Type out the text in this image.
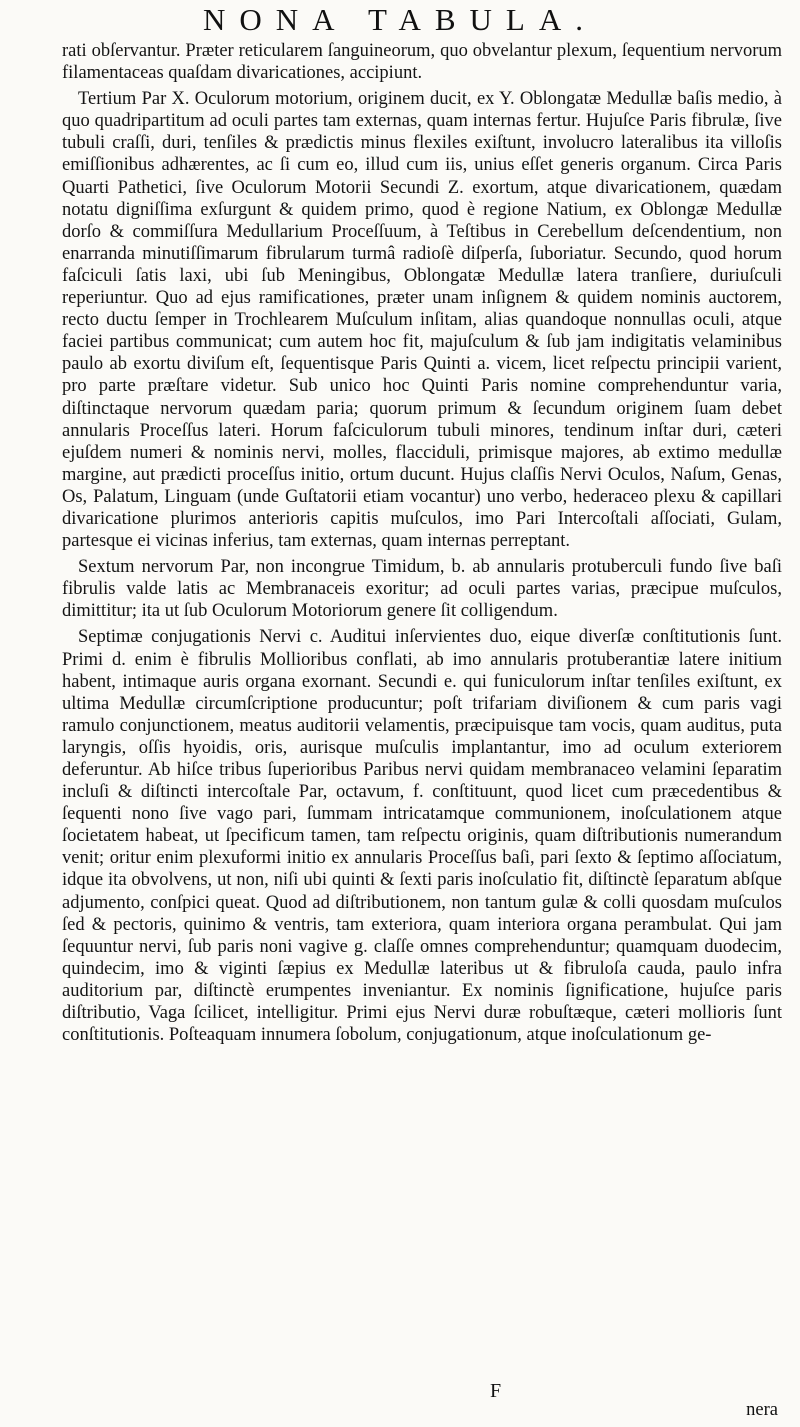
NONA TABULA.

rati obſervantur. Præter reticularem ſanguineorum, quo obvelantur plexum, ſequentium nervorum filamentaceas quaſdam divaricationes, accipiunt.

Tertium Par X. Oculorum motorium, originem ducit, ex Y. Oblongatæ Medullæ baſis medio, à quo quadripartitum ad oculi partes tam externas, quam internas fertur. Hujuſce Paris fibrulæ, ſive tubuli craſſi, duri, tenſiles & prædictis minus flexiles exiſtunt, involucro lateralibus ita villoſis emiſſionibus adhærentes, ac ſi cum eo, illud cum iis, unius eſſet generis organum. Circa Paris Quarti Pathetici, ſive Oculorum Motorii Secundi Z. exortum, atque divaricationem, quædam notatu digniſſima exſurgunt & quidem primo, quod è regione Natium, ex Oblongæ Medullæ dorſo & commiſſura Medullarium Proceſſuum, à Teſtibus in Cerebellum deſcendentium, non enarranda minutiſſimarum fibrularum turmâ radioſè diſperſa, ſuboriatur. Secundo, quod horum faſciculi ſatis laxi, ubi ſub Meningibus, Oblongatæ Medullæ latera tranſiere, duriuſculi reperiuntur. Quo ad ejus ramificationes, præter unam inſignem & quidem nominis auctorem, recto ductu ſemper in Trochlearem Muſculum inſitam, alias quandoque nonnullas oculi, atque faciei partibus communicat; cum autem hoc fit, majuſculum & ſub jam indigitatis velaminibus paulo ab exortu diviſum eſt, ſequentisque Paris Quinti a. vicem, licet reſpectu principii varient, pro parte præſtare videtur. Sub unico hoc Quinti Paris nomine comprehenduntur varia, diſtinctaque nervorum quædam paria; quorum primum & ſecundum originem ſuam debet annularis Proceſſus lateri. Horum faſciculorum tubuli minores, tendinum inſtar duri, cæteri ejuſdem numeri & nominis nervi, molles, flacciduli, primisque majores, ab extimo medullæ margine, aut prædicti proceſſus initio, ortum ducunt. Hujus claſſis Nervi Oculos, Naſum, Genas, Os, Palatum, Linguam (unde Guſtatorii etiam vocantur) uno verbo, hederaceo plexu & capillari divaricatione plurimos anterioris capitis muſculos, imo Pari Intercoſtali aſſociati, Gulam, partesque ei vicinas inferius, tam externas, quam internas perreptant.

Sextum nervorum Par, non incongrue Timidum, b. ab annularis protuberculi fundo ſive baſi fibrulis valde latis ac Membranaceis exoritur; ad oculi partes varias, præcipue muſculos, dimittitur; ita ut ſub Oculorum Motoriorum genere ſit colligendum.

Septimæ conjugationis Nervi c. Auditui inſervientes duo, eique diverſæ conſtitutionis ſunt. Primi d. enim è fibrulis Mollioribus conflati, ab imo annularis protuberantiæ latere initium habent, intimaque auris organa exornant. Secundi e. qui funiculorum inſtar tenſiles exiſtunt, ex ultima Medullæ circumſcriptione producuntur; poſt trifariam diviſionem & cum paris vagi ramulo conjunctionem, meatus auditorii velamentis, præcipuisque tam vocis, quam auditus, puta laryngis, oſſis hyoidis, oris, aurisque muſculis implantantur, imo ad oculum exteriorem deferuntur. Ab hiſce tribus ſuperioribus Paribus nervi quidam membranaceo velamini ſeparatim incluſi & diſtincti intercoſtale Par, octavum, f. conſtituunt, quod licet cum præcedentibus & ſequenti nono ſive vago pari, ſummam intricatamque communionem, inoſculationem atque ſocietatem habeat, ut ſpecificum tamen, tam reſpectu originis, quam diſtributionis numerandum venit; oritur enim plexuformi initio ex annularis Proceſſus baſi, pari ſexto & ſeptimo aſſociatum, idque ita obvolvens, ut non, niſi ubi quinti & ſexti paris inoſculatio fit, diſtinctè ſeparatum abſque adjumento, conſpici queat. Quod ad diſtributionem, non tantum gulæ & colli quosdam muſculos ſed & pectoris, quinimo & ventris, tam exteriora, quam interiora organa perambulat. Qui jam ſequuntur nervi, ſub paris noni vagive g. claſſe omnes comprehenduntur; quamquam duodecim, quindecim, imo & viginti ſæpius ex Medullæ lateribus ut & fibruloſa cauda, paulo infra auditorium par, diſtinctè erumpentes inveniantur. Ex nominis ſignificatione, hujuſce paris diſtributio, Vaga ſcilicet, intelligitur. Primi ejus Nervi duræ robuſtæque, cæteri mollioris ſunt conſtitutionis. Poſteaquam innumera ſobolum, conjugationum, atque inoſculationum ge-

F
nera
